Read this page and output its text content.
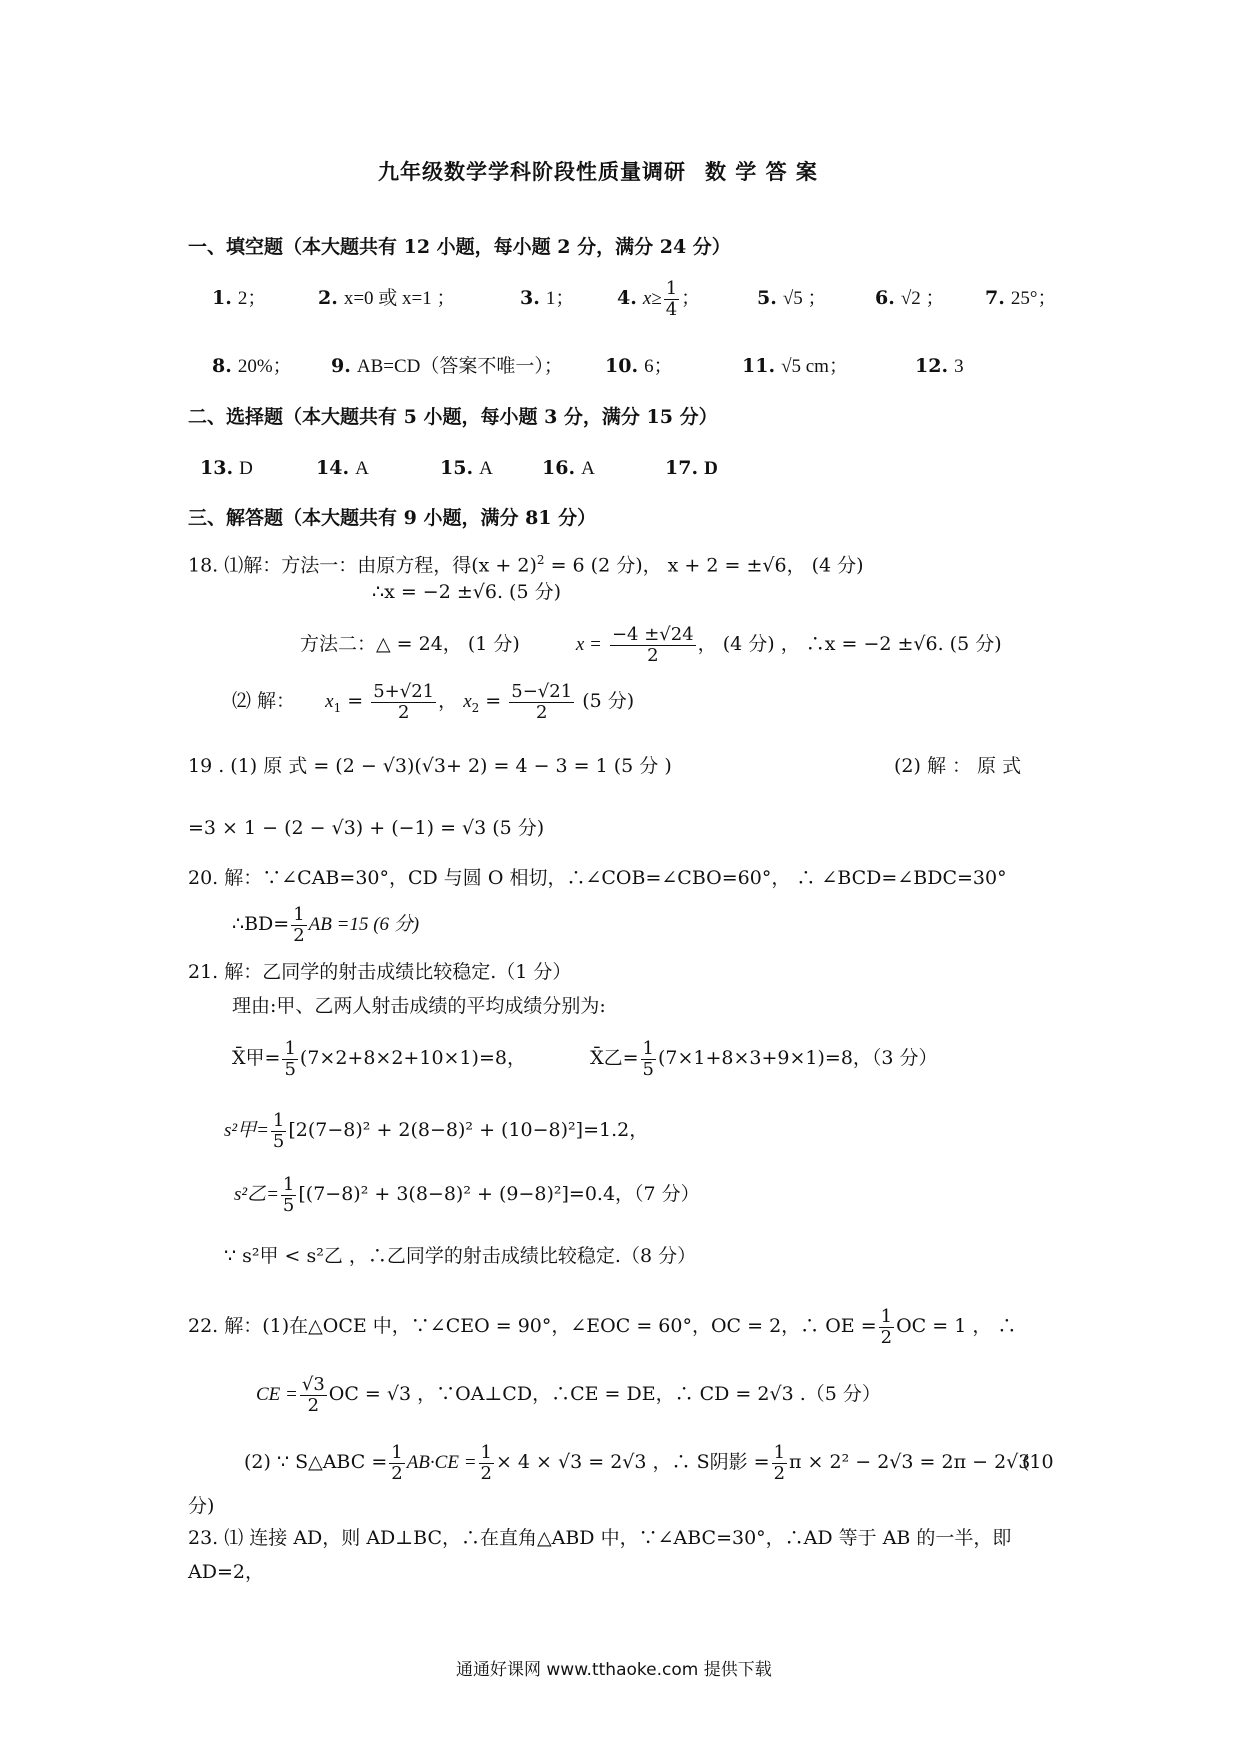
九年级数学学科阶段性质量调研 数 学 答 案
一、填空题（本大题共有 12 小题，每小题 2 分，满分 24 分）
1. 2；	2. x=0 或 x=1 ；	3. 1； 4. $x\ge \frac{1}{4}$ ；	5. √5 ；	6. √2 ； 7. 25°；
8. 20%； 9. AB=CD（答案不唯一）； 10. 6；	11. √5 cm；	12. 3
二、选择题（本大题共有 5 小题，每小题 3 分，满分 15 分）
13. D	14. A	15. A	16. A	17. D
三、解答题（本大题共有 9 小题，满分 81 分）
18. ⑴解：方法一：由原方程，得$(x + 2)^2 = 6$ (2 分)， x + 2 = ±√6， (4 分)
∴x = −2 ±√6. (5 分)
方法二：△ = 24， (1 分)	$x = \frac{-4 \pm√24}{2}$ ， (4 分) ， ∴x = −2 ±√6. (5 分)
⑵ 解： $x_1 = \frac{5+√21}{2}$ ， $x_2 = \frac{5-√21}{2} (5$ 分)
19 . (1) 原 式 = (2 − √3)(√3+ 2) = 4 − 3 = 1 (5 分 )	(2) 解 ： 原 式
=3 × 1 − (2 − √3) + (−1) = √3 (5 分)
20. 解：∵∠CAB=30°，CD 与圆 O 相切，∴∠COB=∠CBO=60°， ∴ ∠BCD=∠BDC=30°
∴BD= $\frac{1}{2}$ AB =15 (6 分)
21. 解：乙同学的射击成绩比较稳定.（1 分）
理由:甲、乙两人射击成绩的平均成绩分别为:
X̄甲= $\frac{1}{5} (7\times 2+8\times 2+10\times 1)=8$，	X̄乙= $\frac{1}{5} (7\times 1+8\times 3+9\times 1)=8$，（3 分）
s²甲= $\frac{1}{5} [2(7-8)^2 + 2(8-8)^2 + (10-8)^2]=1.2$，
s²乙= $\frac{1}{5} [(7-8)^2 + 3(8-8)^2 + (9-8)^2]=0.4$，（7 分）
∵ s²甲 < s²乙 ，∴乙同学的射击成绩比较稳定.（8 分）
22. 解：(1)在△OCE 中，∵∠CEO = 90°，∠EOC = 60°，OC = 2，∴ OE = $\frac{1}{2}$ OC = 1 ， ∴
CE = $\frac{√3}{2}$ OC = √3 ，∵OA⊥CD，∴CE = DE，∴ CD = 2√3 .（5 分）
(2) ∵ S△ABC = $\frac{1}{2} AB\cdot CE = \frac{1}{2} \times 4 \times √3 = 2√3$ ，∴ S阴影 = $\frac{1}{2}$ π × 2² − 2√3 = 2π − 2√3
(10
分)
23. ⑴ 连接 AD，则 AD⊥BC，∴在直角△ABD 中，∵∠ABC=30°，∴AD 等于 AB 的一半，即
AD=2，
通通好课网 www.tthaoke.com 提供下载
